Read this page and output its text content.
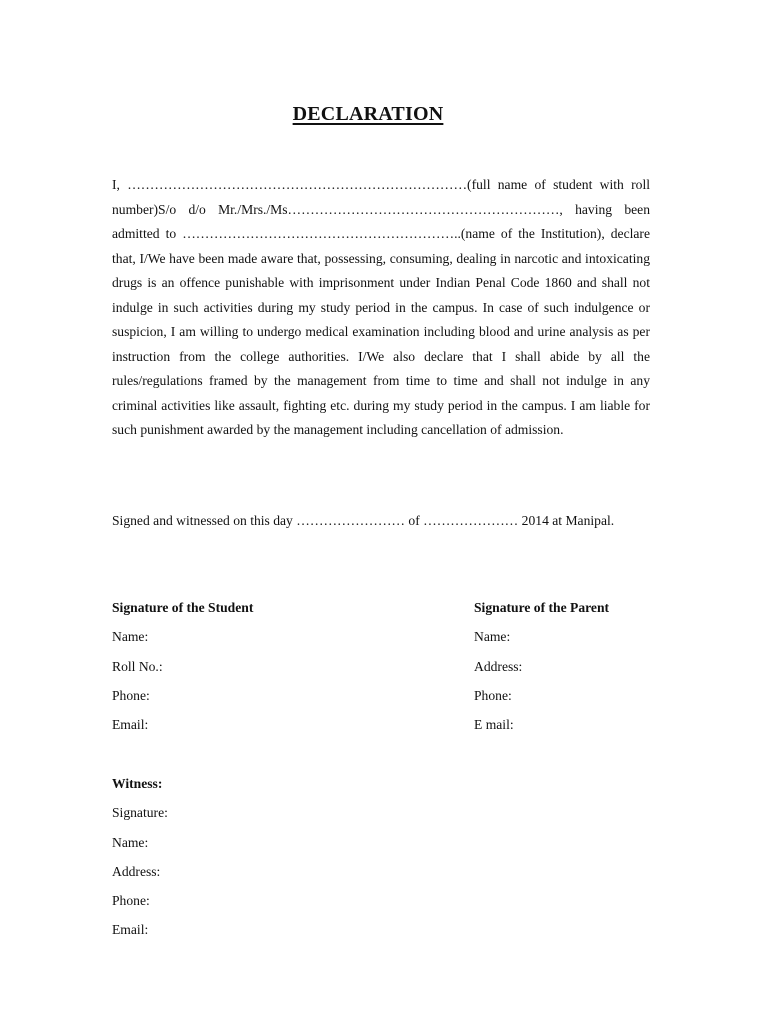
DECLARATION

I, …………………………………………………………………(full name of student with roll number)S/o d/o Mr./Mrs./Ms……………………………………………………, having been admitted to ……………………………………………………..(name of the Institution), declare that, I/We have been made aware that, possessing, consuming, dealing in narcotic and intoxicating drugs is an offence punishable with imprisonment under Indian Penal Code 1860 and shall not indulge in such activities during my study period in the campus. In case of such indulgence or suspicion, I am willing to undergo medical examination including blood and urine analysis as per instruction from the college authorities. I/We also declare that I shall abide by all the rules/regulations framed by the management from time to time and shall not indulge in any criminal activities like assault, fighting etc. during my study period in the campus. I am liable for such punishment awarded by the management including cancellation of admission.

Signed and witnessed on this day …………………… of ………………… 2014 at Manipal.

Signature of the Student
Name:
Roll No.:
Phone:
Email:
Signature of the Parent
Name:
Address:
Phone:
E mail:
Witness:
Signature:
Name:
Address:
Phone:
Email:
